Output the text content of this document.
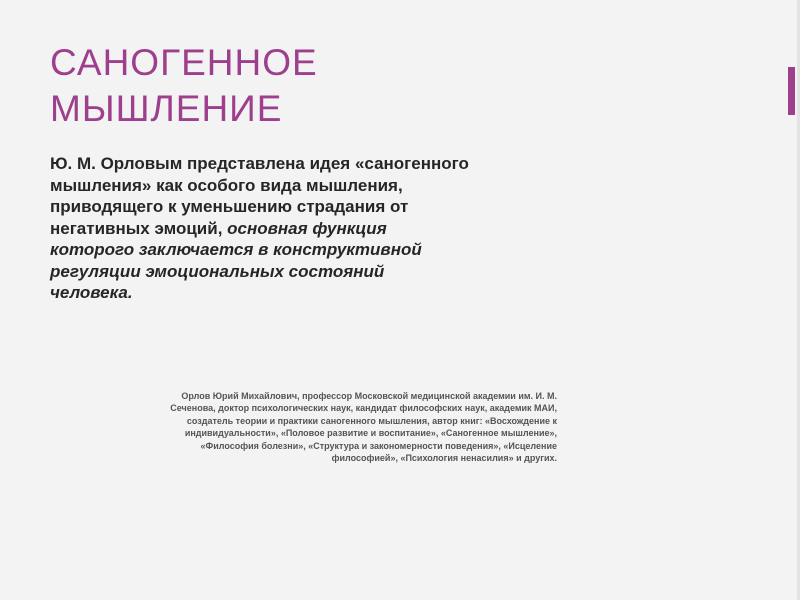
САНОГЕННОЕ
МЫШЛЕНИЕ
Ю. М. Орловым представлена идея «саногенного
мышления» как особого вида мышления,
приводящего к уменьшению страдания от
негативных эмоций, основная функция
которого заключается в конструктивной
регуляции эмоциональных состояний
человека.
Орлов Юрий Михайлович, профессор Московской медицинской академии им. И. М.
Сеченова, доктор психологических наук, кандидат философских наук, академик МАИ,
создатель теории и практики саногенного мышления, автор книг: «Восхождение к
индивидуальности», «Половое развитие и воспитание», «Саногенное мышление»,
«Философия болезни», «Структура и закономерности поведения», «Исцеление
философией», «Психология ненасилия» и других.
